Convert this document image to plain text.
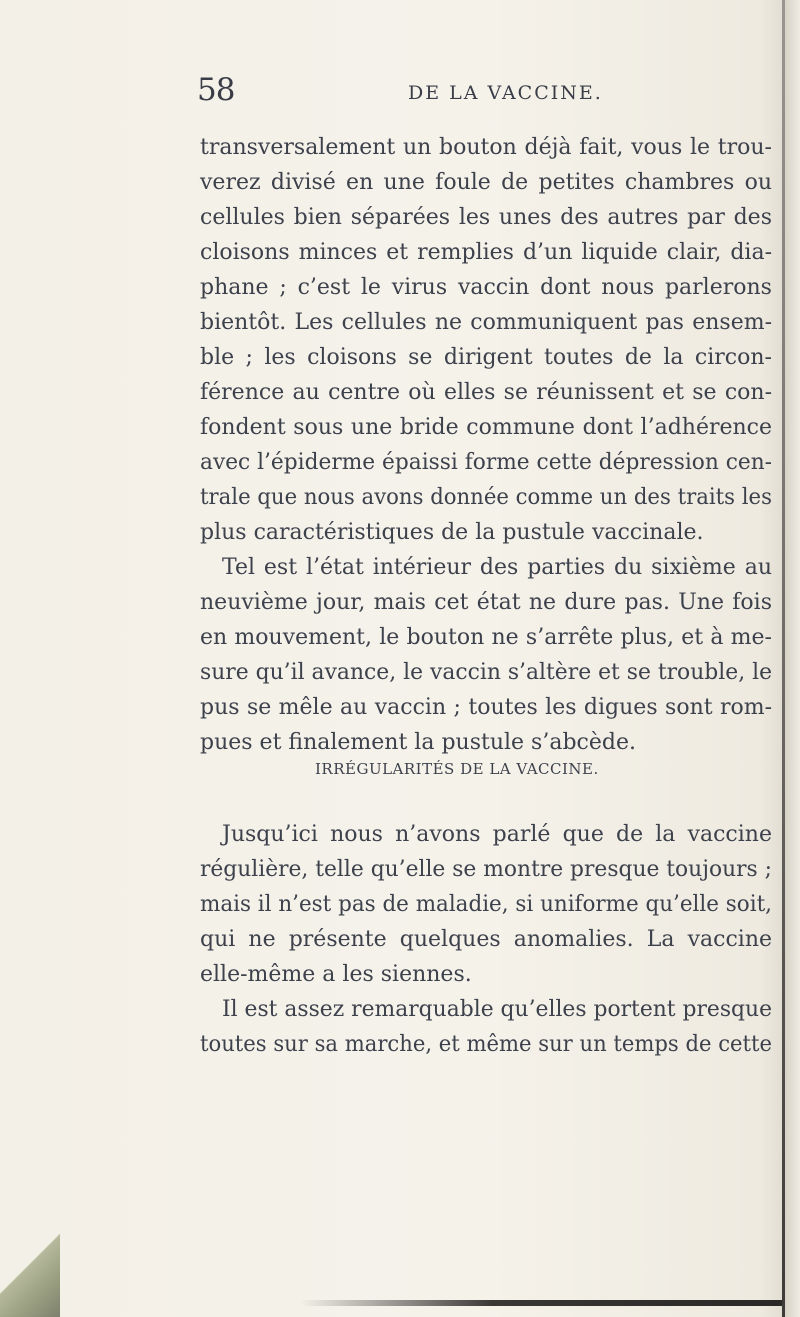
58	DE LA VACCINE.
transversalement un bouton déjà fait, vous le trou-
verez divisé en une foule de petites chambres ou
cellules bien séparées les unes des autres par des
cloisons minces et remplies d’un liquide clair, dia-
phane ; c’est le virus vaccin dont nous parlerons
bientôt. Les cellules ne communiquent pas ensem-
ble ; les cloisons se dirigent toutes de la circon-
férence au centre où elles se réunissent et se con-
fondent sous une bride commune dont l’adhérence
avec l’épiderme épaissi forme cette dépression cen-
trale que nous avons donnée comme un des traits les
plus caractéristiques de la pustule vaccinale.
Tel est l’état intérieur des parties du sixième au
neuvième jour, mais cet état ne dure pas. Une fois
en mouvement, le bouton ne s’arrête plus, et à me-
sure qu’il avance, le vaccin s’altère et se trouble, le
pus se mêle au vaccin ; toutes les digues sont rom-
pues et finalement la pustule s’abcède.
IRRÉGULARITÉS DE LA VACCINE.
Jusqu’ici nous n’avons parlé que de la vaccine
régulière, telle qu’elle se montre presque toujours ;
mais il n’est pas de maladie, si uniforme qu’elle soit,
qui ne présente quelques anomalies. La vaccine
elle-même a les siennes.
Il est assez remarquable qu’elles portent presque
toutes sur sa marche, et même sur un temps de cette
